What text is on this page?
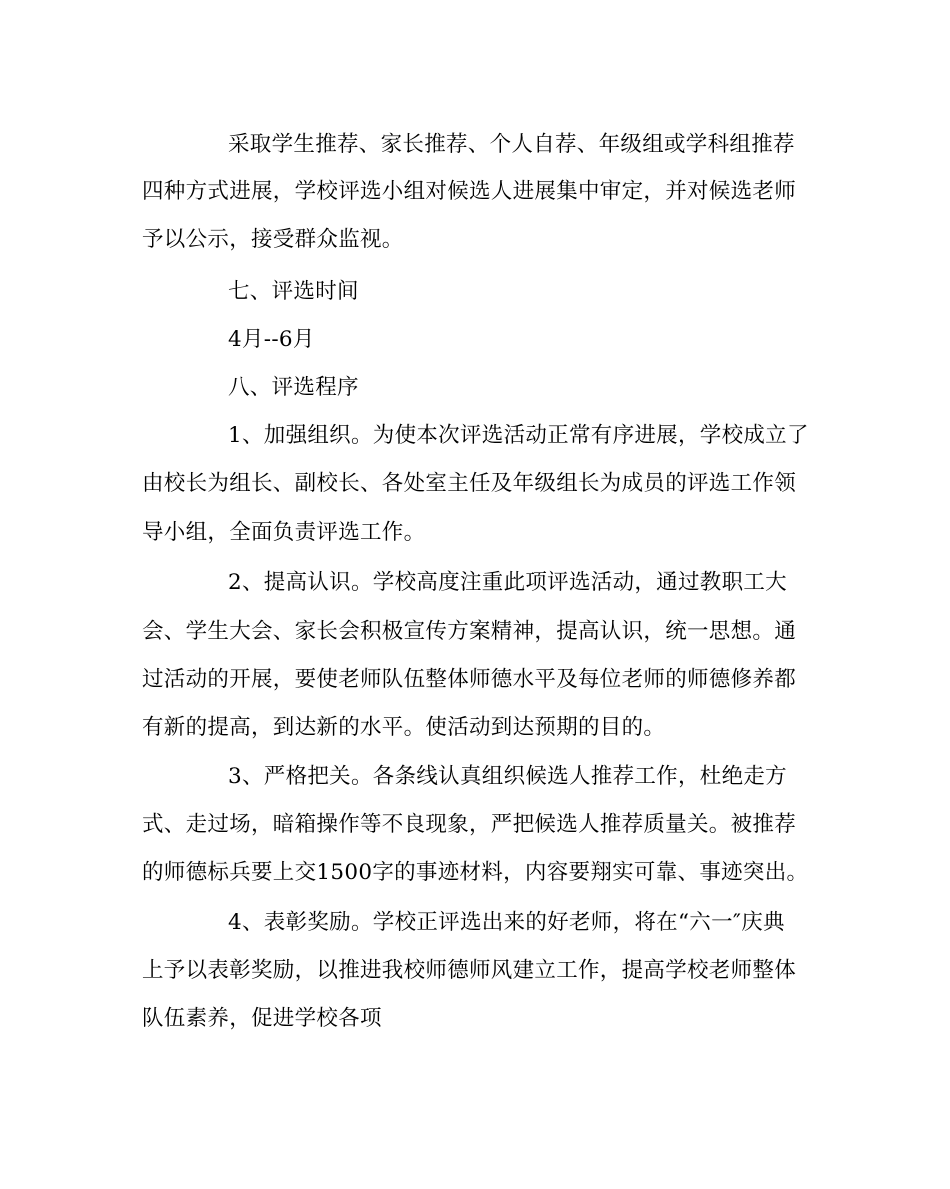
采取学生推荐、家长推荐、个人自荐、年级组或学科组推荐
四种方式进展，学校评选小组对候选人进展集中审定，并对候选老师
予以公示，接受群众监视。
七、评选时间
4月--6月
八、评选程序
1、加强组织。为使本次评选活动正常有序进展，学校成立了
由校长为组长、副校长、各处室主任及年级组长为成员的评选工作领
导小组，全面负责评选工作。
2、提高认识。学校高度注重此项评选活动，通过教职工大
会、学生大会、家长会积极宣传方案精神，提高认识，统一思想。通
过活动的开展，要使老师队伍整体师德水平及每位老师的师德修养都
有新的提高，到达新的水平。使活动到达预期的目的。
3、严格把关。各条线认真组织候选人推荐工作，杜绝走方
式、走过场，暗箱操作等不良现象，严把候选人推荐质量关。被推荐
的师德标兵要上交1500字的事迹材料，内容要翔实可靠、事迹突出。
4、表彰奖励。学校正评选出来的好老师，将在“六一″庆典
上予以表彰奖励，以推进我校师德师风建立工作，提高学校老师整体
队伍素养，促进学校各项
